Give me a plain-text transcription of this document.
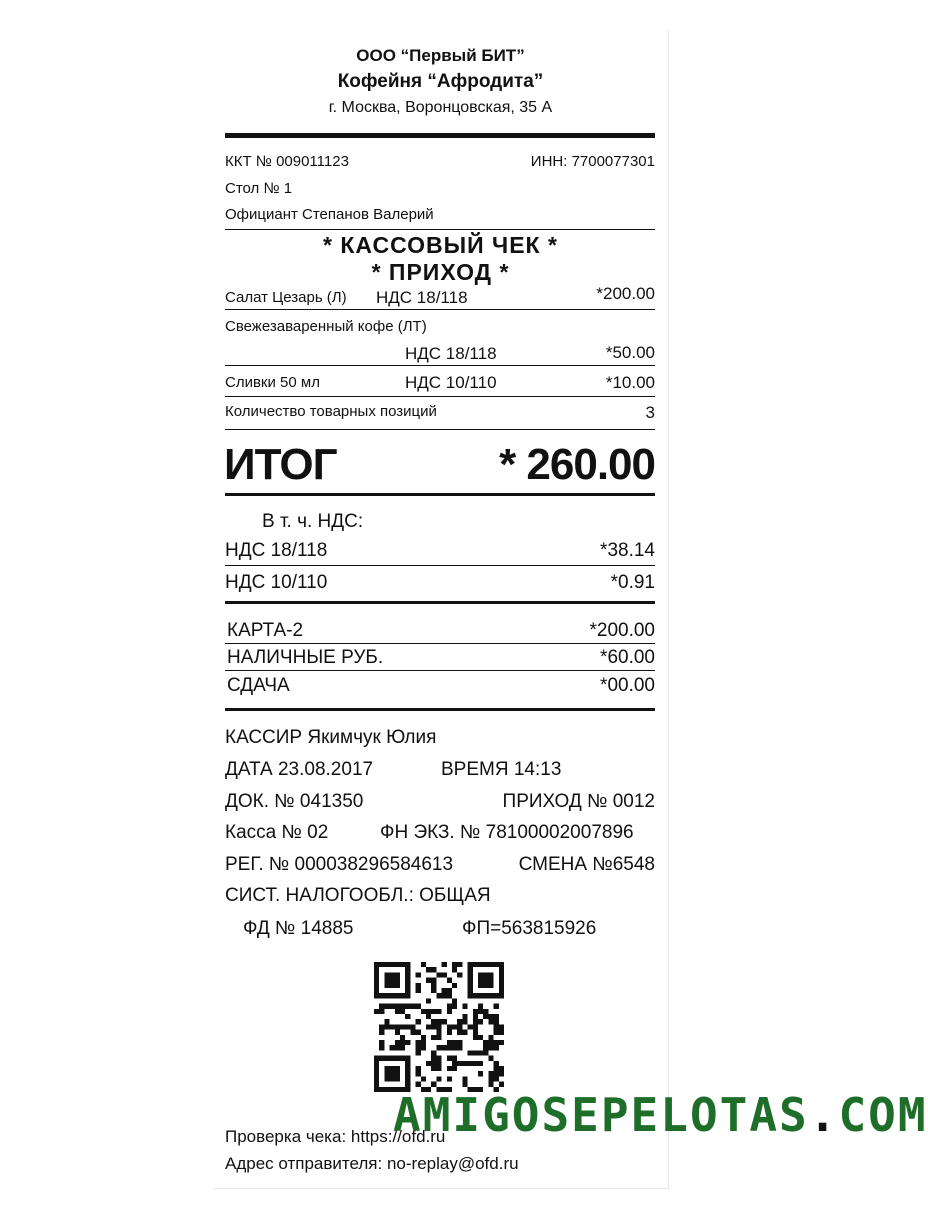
ООО “Первый БИТ”
Кофейня “Афродита”
г. Москва, Воронцовская, 35 А
ККТ № 009011123	ИНН: 7700077301
Стол № 1
Официант Степанов Валерий
* КАССОВЫЙ ЧЕК *
* ПРИХОД *
Салат Цезарь (Л) НДС 18/118	*200.00
Свежезаваренный кофе (ЛТ)
НДС 18/118	*50.00
Сливки 50 мл	НДС 10/110	*10.00
Количество товарных позиций	3
ИТОГ	* 260.00
В т. ч. НДС:
НДС 18/118	*38.14
НДС 10/110	*0.91
КАРТА-2	*200.00
НАЛИЧНЫЕ РУБ.	*60.00
СДАЧА	*00.00
КАССИР Якимчук Юлия
ДАТА 23.08.2017	ВРЕМЯ 14:13
ДОК. № 041350	ПРИХОД № 0012
Касса № 02	ФН ЭКЗ. № 78100002007896
РЕГ. № 000038296584613	СМЕНА №6548
СИСТ. НАЛОГООБЛ.: ОБЩАЯ
ФД № 14885	ФП=563815926
Проверка чека: https://ofd.ru
Адрес отправителя: no-replay@ofd.ru
AMIGOSEPELOTAS.COM
